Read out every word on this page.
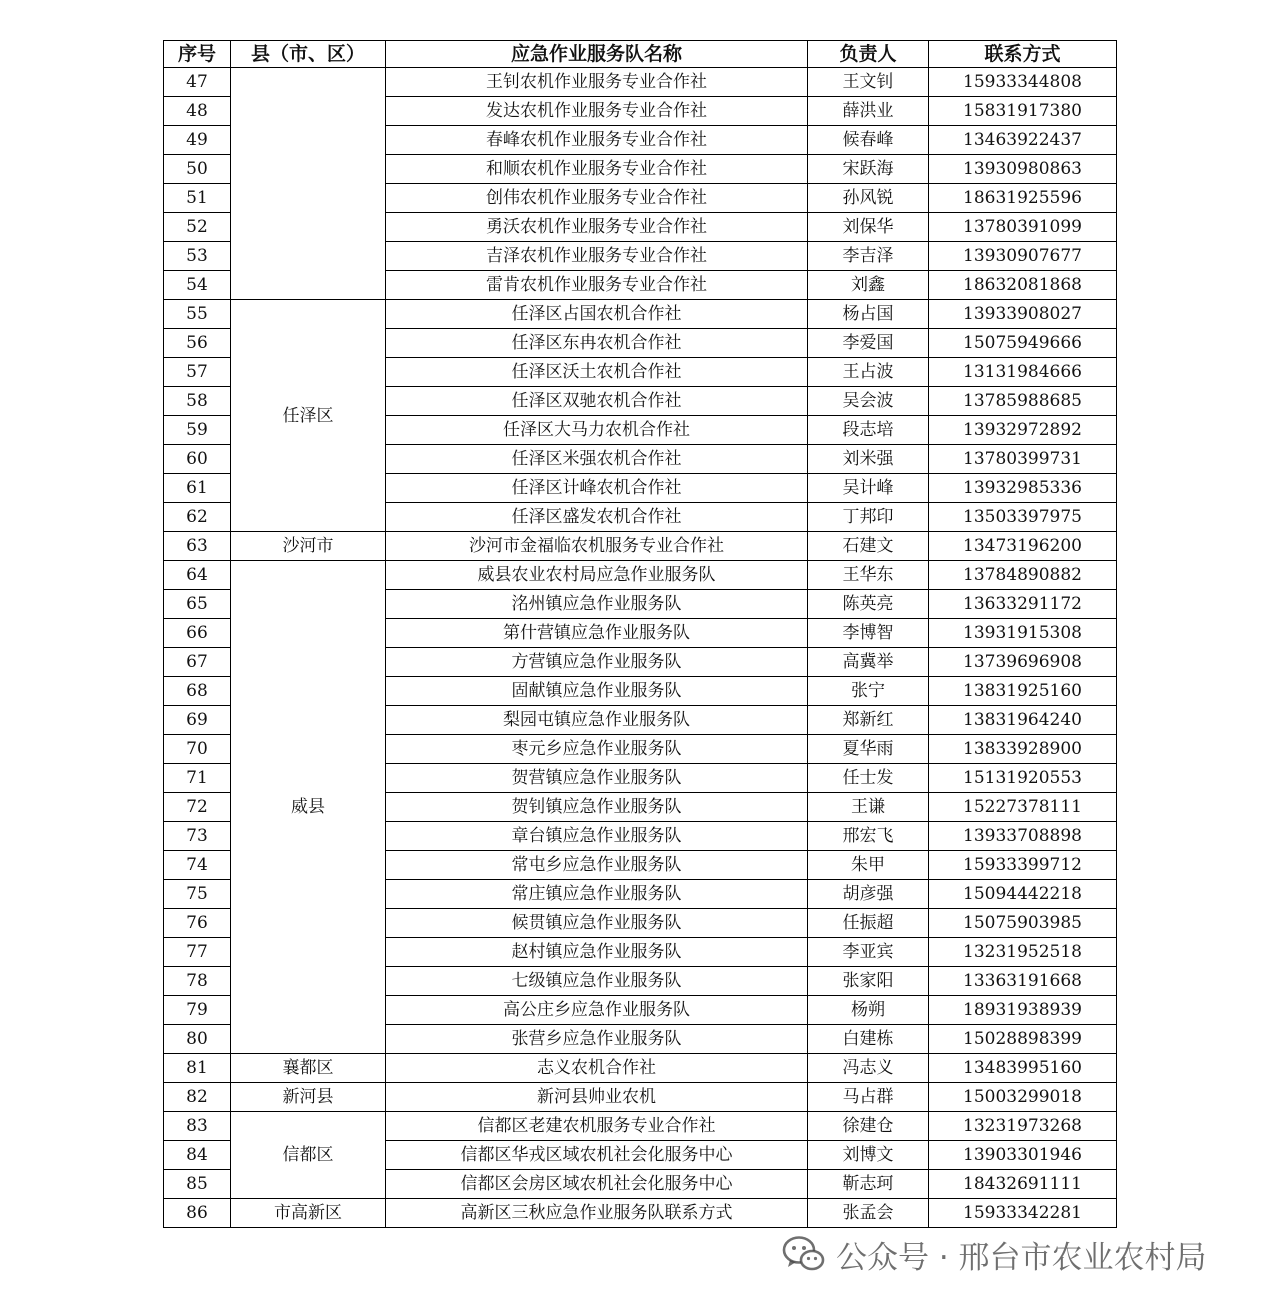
序号	县（市、区）	应急作业服务队名称	负责人	联系方式
47		王钊农机作业服务专业合作社	王文钊	15933344808
48		发达农机作业服务专业合作社	薛洪业	15831917380
49		春峰农机作业服务专业合作社	候春峰	13463922437
50		和顺农机作业服务专业合作社	宋跃海	13930980863
51		创伟农机作业服务专业合作社	孙风锐	18631925596
52		勇沃农机作业服务专业合作社	刘保华	13780391099
53		吉泽农机作业服务专业合作社	李吉泽	13930907677
54		雷肯农机作业服务专业合作社	刘鑫	18632081868
55	任泽区	任泽区占国农机合作社	杨占国	13933908027
56		任泽区东冉农机合作社	李爱国	15075949666
57		任泽区沃土农机合作社	王占波	13131984666
58		任泽区双驰农机合作社	吴会波	13785988685
59		任泽区大马力农机合作社	段志培	13932972892
60		任泽区米强农机合作社	刘米强	13780399731
61		任泽区计峰农机合作社	吴计峰	13932985336
62		任泽区盛发农机合作社	丁邦印	13503397975
63	沙河市	沙河市金福临农机服务专业合作社	石建文	13473196200
64	威县	威县农业农村局应急作业服务队	王华东	13784890882
65		洺州镇应急作业服务队	陈英亮	13633291172
66		第什营镇应急作业服务队	李博智	13931915308
67		方营镇应急作业服务队	高冀举	13739696908
68		固献镇应急作业服务队	张宁	13831925160
69		梨园屯镇应急作业服务队	郑新红	13831964240
70		枣元乡应急作业服务队	夏华雨	13833928900
71		贺营镇应急作业服务队	任士发	15131920553
72		贺钊镇应急作业服务队	王谦	15227378111
73		章台镇应急作业服务队	邢宏飞	13933708898
74		常屯乡应急作业服务队	朱甲	15933399712
75		常庄镇应急作业服务队	胡彦强	15094442218
76		候贯镇应急作业服务队	任振超	15075903985
77		赵村镇应急作业服务队	李亚宾	13231952518
78		七级镇应急作业服务队	张家阳	13363191668
79		高公庄乡应急作业服务队	杨朔	18931938939
80		张营乡应急作业服务队	白建栋	15028898399
81	襄都区	志义农机合作社	冯志义	13483995160
82	新河县	新河县帅业农机	马占群	15003299018
83	信都区	信都区老建农机服务专业合作社	徐建仓	13231973268
84		信都区华戎区域农机社会化服务中心	刘博文	13903301946
85		信都区会房区域农机社会化服务中心	靳志珂	18432691111
86	市高新区	高新区三秋应急作业服务队联系方式	张孟会	15933342281
公众号 · 邢台市农业农村局
